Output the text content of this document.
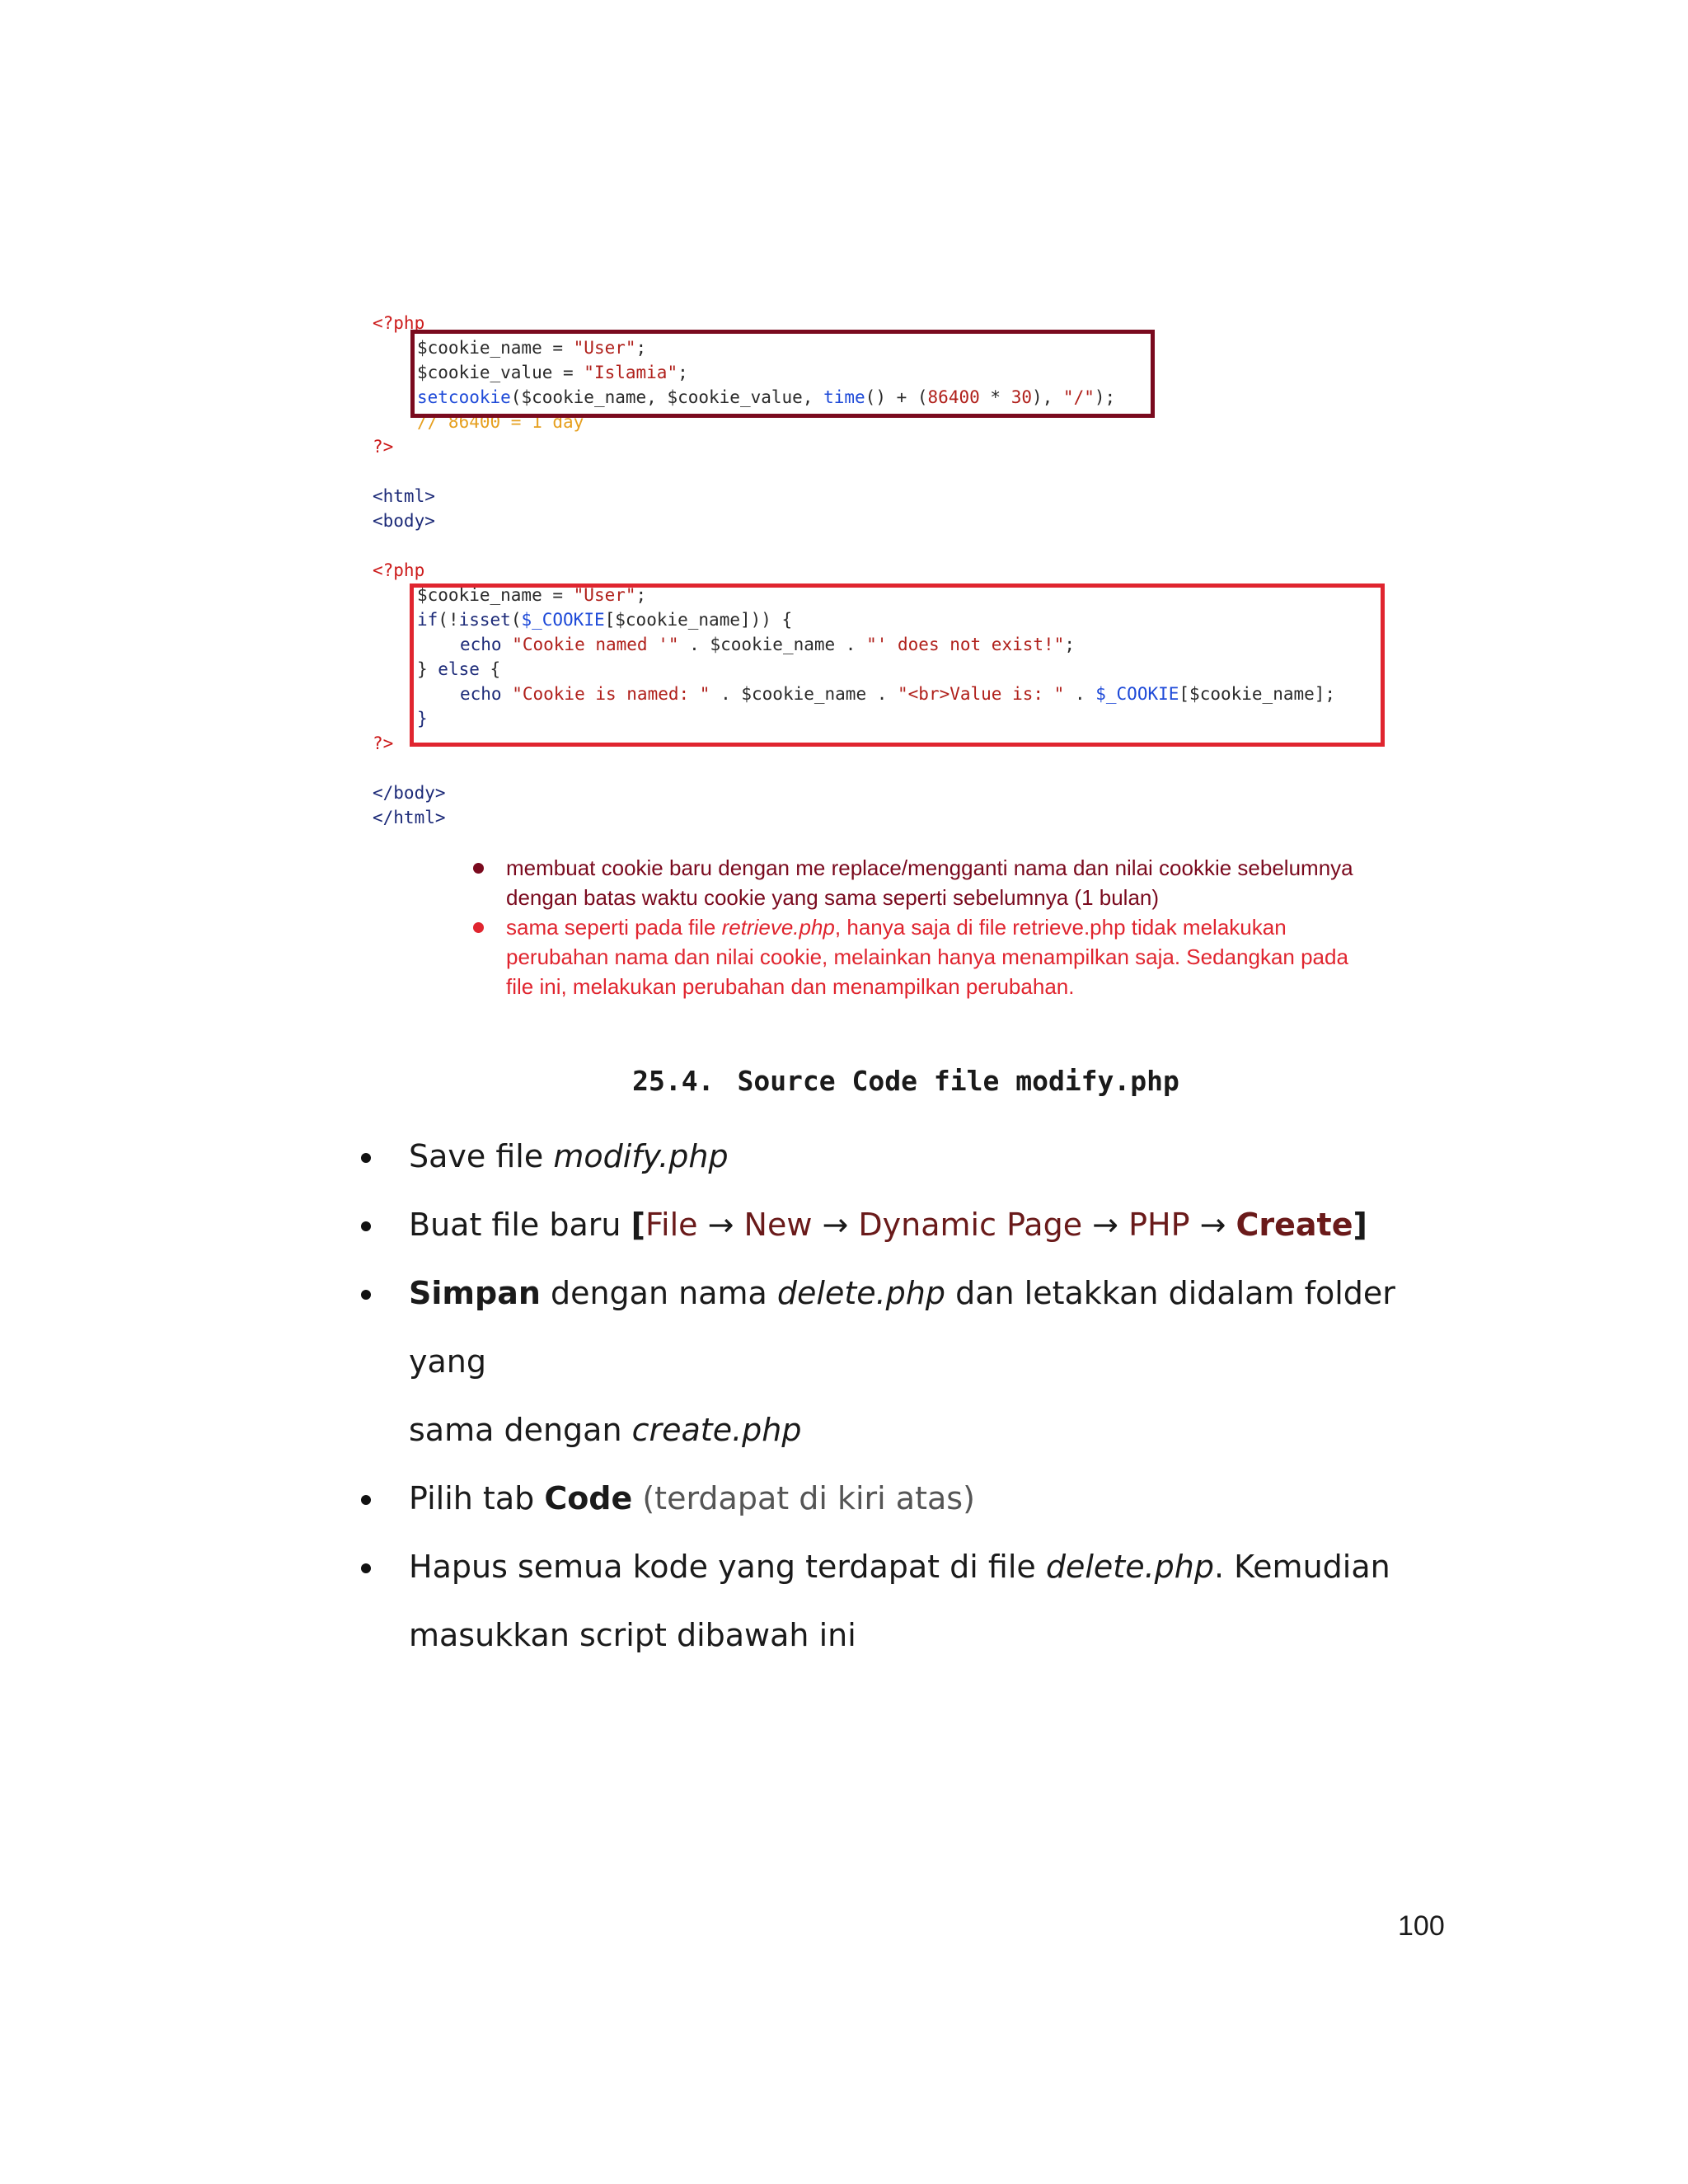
<?php

$cookie_name = "User";

$cookie_value = "Islamia";

setcookie($cookie_name, $cookie_value, time() + (86400 * 30), "/");

// 86400 = 1 day

?>

<html>

<body>

<?php

$cookie_name = "User";

if(!isset($_COOKIE[$cookie_name])) {

echo "Cookie named '" . $cookie_name . "' does not exist!";

} else {

echo "Cookie is named: " . $cookie_name . "<br>Value is: " . $_COOKIE[$cookie_name];

}

?>

</body>

</html>

membuat cookie baru dengan me replace/mengganti nama dan nilai cookkie sebelumnya dengan batas waktu cookie yang sama seperti sebelumnya (1 bulan)
sama seperti pada file retrieve.php, hanya saja di file retrieve.php tidak melakukan perubahan nama dan nilai cookie, melainkan hanya menampilkan saja. Sedangkan pada file ini, melakukan perubahan dan menampilkan perubahan.
25.4. Source Code file modify.php
Save file modify.php
Buat file baru [File → New → Dynamic Page → PHP → Create]
Simpan dengan nama delete.php dan letakkan didalam folder yang
sama dengan create.php
Pilih tab Code (terdapat di kiri atas)
Hapus semua kode yang terdapat di file delete.php. Kemudian
masukkan script dibawah ini
100
